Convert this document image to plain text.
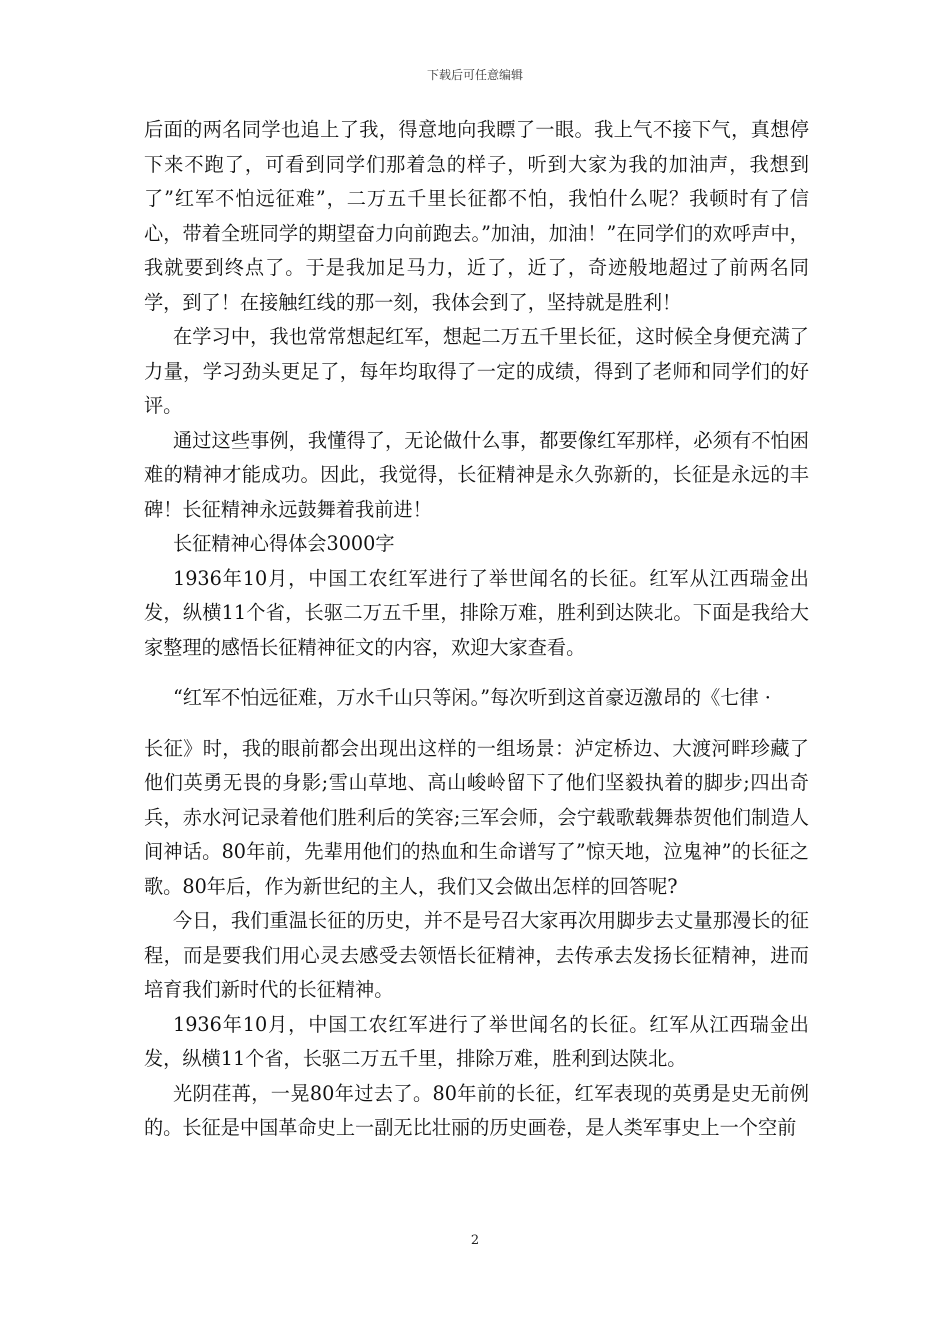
下载后可任意编辑

后面的两名同学也追上了我，得意地向我瞟了一眼。我上气不接下气，真想停下来不跑了，可看到同学们那着急的样子，听到大家为我的加油声，我想到了”红军不怕远征难”，二万五千里长征都不怕，我怕什么呢？我顿时有了信心，带着全班同学的期望奋力向前跑去。”加油，加油！”在同学们的欢呼声中，我就要到终点了。于是我加足马力，近了，近了，奇迹般地超过了前两名同学，到了！在接触红线的那一刻，我体会到了，坚持就是胜利！

在学习中，我也常常想起红军，想起二万五千里长征，这时候全身便充满了力量，学习劲头更足了，每年均取得了一定的成绩，得到了老师和同学们的好评。

通过这些事例，我懂得了，无论做什么事，都要像红军那样，必须有不怕困难的精神才能成功。因此，我觉得，长征精神是永久弥新的，长征是永远的丰碑！长征精神永远鼓舞着我前进！

长征精神心得体会3000字

1936年10月，中国工农红军进行了举世闻名的长征。红军从江西瑞金出发，纵横11个省，长驱二万五千里，排除万难，胜利到达陕北。下面是我给大家整理的感悟长征精神征文的内容，欢迎大家查看。

“红军不怕远征难，万水千山只等闲。”每次听到这首豪迈激昂的《七律 ·

长征》时，我的眼前都会出现出这样的一组场景：泸定桥边、大渡河畔珍藏了他们英勇无畏的身影;雪山草地、高山峻岭留下了他们坚毅执着的脚步;四出奇兵，赤水河记录着他们胜利后的笑容;三军会师，会宁载歌载舞恭贺他们制造人间神话。80年前，先辈用他们的热血和生命谱写了”惊天地，泣鬼神”的长征之歌。80年后，作为新世纪的主人，我们又会做出怎样的回答呢?

今日，我们重温长征的历史，并不是号召大家再次用脚步去丈量那漫长的征程，而是要我们用心灵去感受去领悟长征精神，去传承去发扬长征精神，进而培育我们新时代的长征精神。

1936年10月，中国工农红军进行了举世闻名的长征。红军从江西瑞金出发，纵横11个省，长驱二万五千里，排除万难，胜利到达陕北。

光阴荏苒，一晃80年过去了。80年前的长征，红军表现的英勇是史无前例的。长征是中国革命史上一副无比壮丽的历史画卷，是人类军事史上一个空前

2
